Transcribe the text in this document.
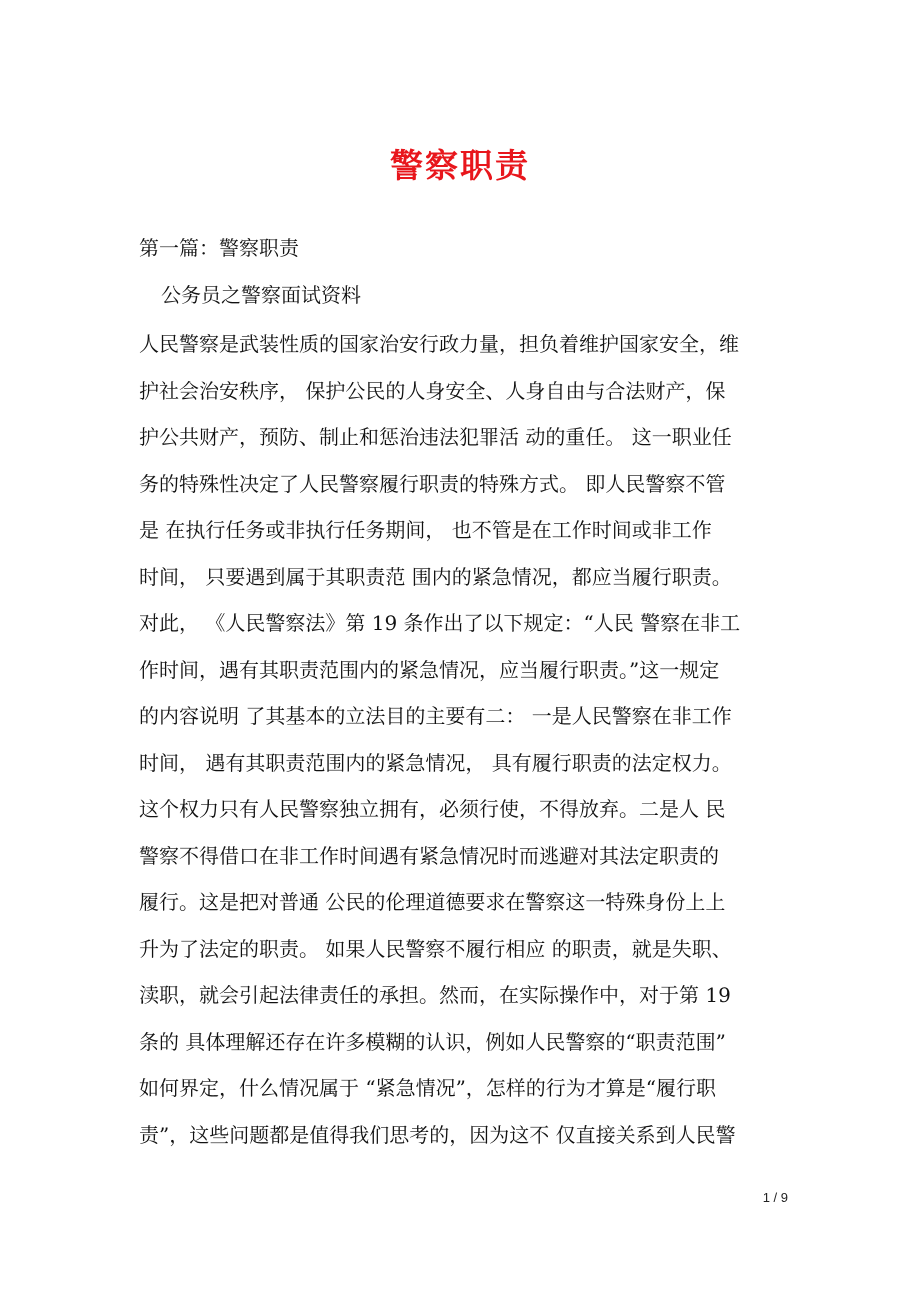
警察职责
第一篇：警察职责
公务员之警察面试资料
人民警察是武装性质的国家治安行政力量，担负着维护国家安全，维
护社会治安秩序， 保护公民的人身安全、人身自由与合法财产，保
护公共财产，预防、制止和惩治违法犯罪活 动的重任。 这一职业任
务的特殊性决定了人民警察履行职责的特殊方式。 即人民警察不管
是 在执行任务或非执行任务期间， 也不管是在工作时间或非工作
时间， 只要遇到属于其职责范 围内的紧急情况，都应当履行职责。
对此， 《人民警察法》第 19 条作出了以下规定：“人民 警察在非工
作时间，遇有其职责范围内的紧急情况，应当履行职责。”这一规定
的内容说明 了其基本的立法目的主要有二： 一是人民警察在非工作
时间， 遇有其职责范围内的紧急情况， 具有履行职责的法定权力。
这个权力只有人民警察独立拥有，必须行使，不得放弃。二是人 民
警察不得借口在非工作时间遇有紧急情况时而逃避对其法定职责的
履行。这是把对普通 公民的伦理道德要求在警察这一特殊身份上上
升为了法定的职责。 如果人民警察不履行相应 的职责，就是失职、
渎职，就会引起法律责任的承担。然而，在实际操作中，对于第 19
条的 具体理解还存在许多模糊的认识，例如人民警察的“职责范围”
如何界定，什么情况属于 “紧急情况”，怎样的行为才算是“履行职
责”，这些问题都是值得我们思考的，因为这不 仅直接关系到人民警
1 / 9
